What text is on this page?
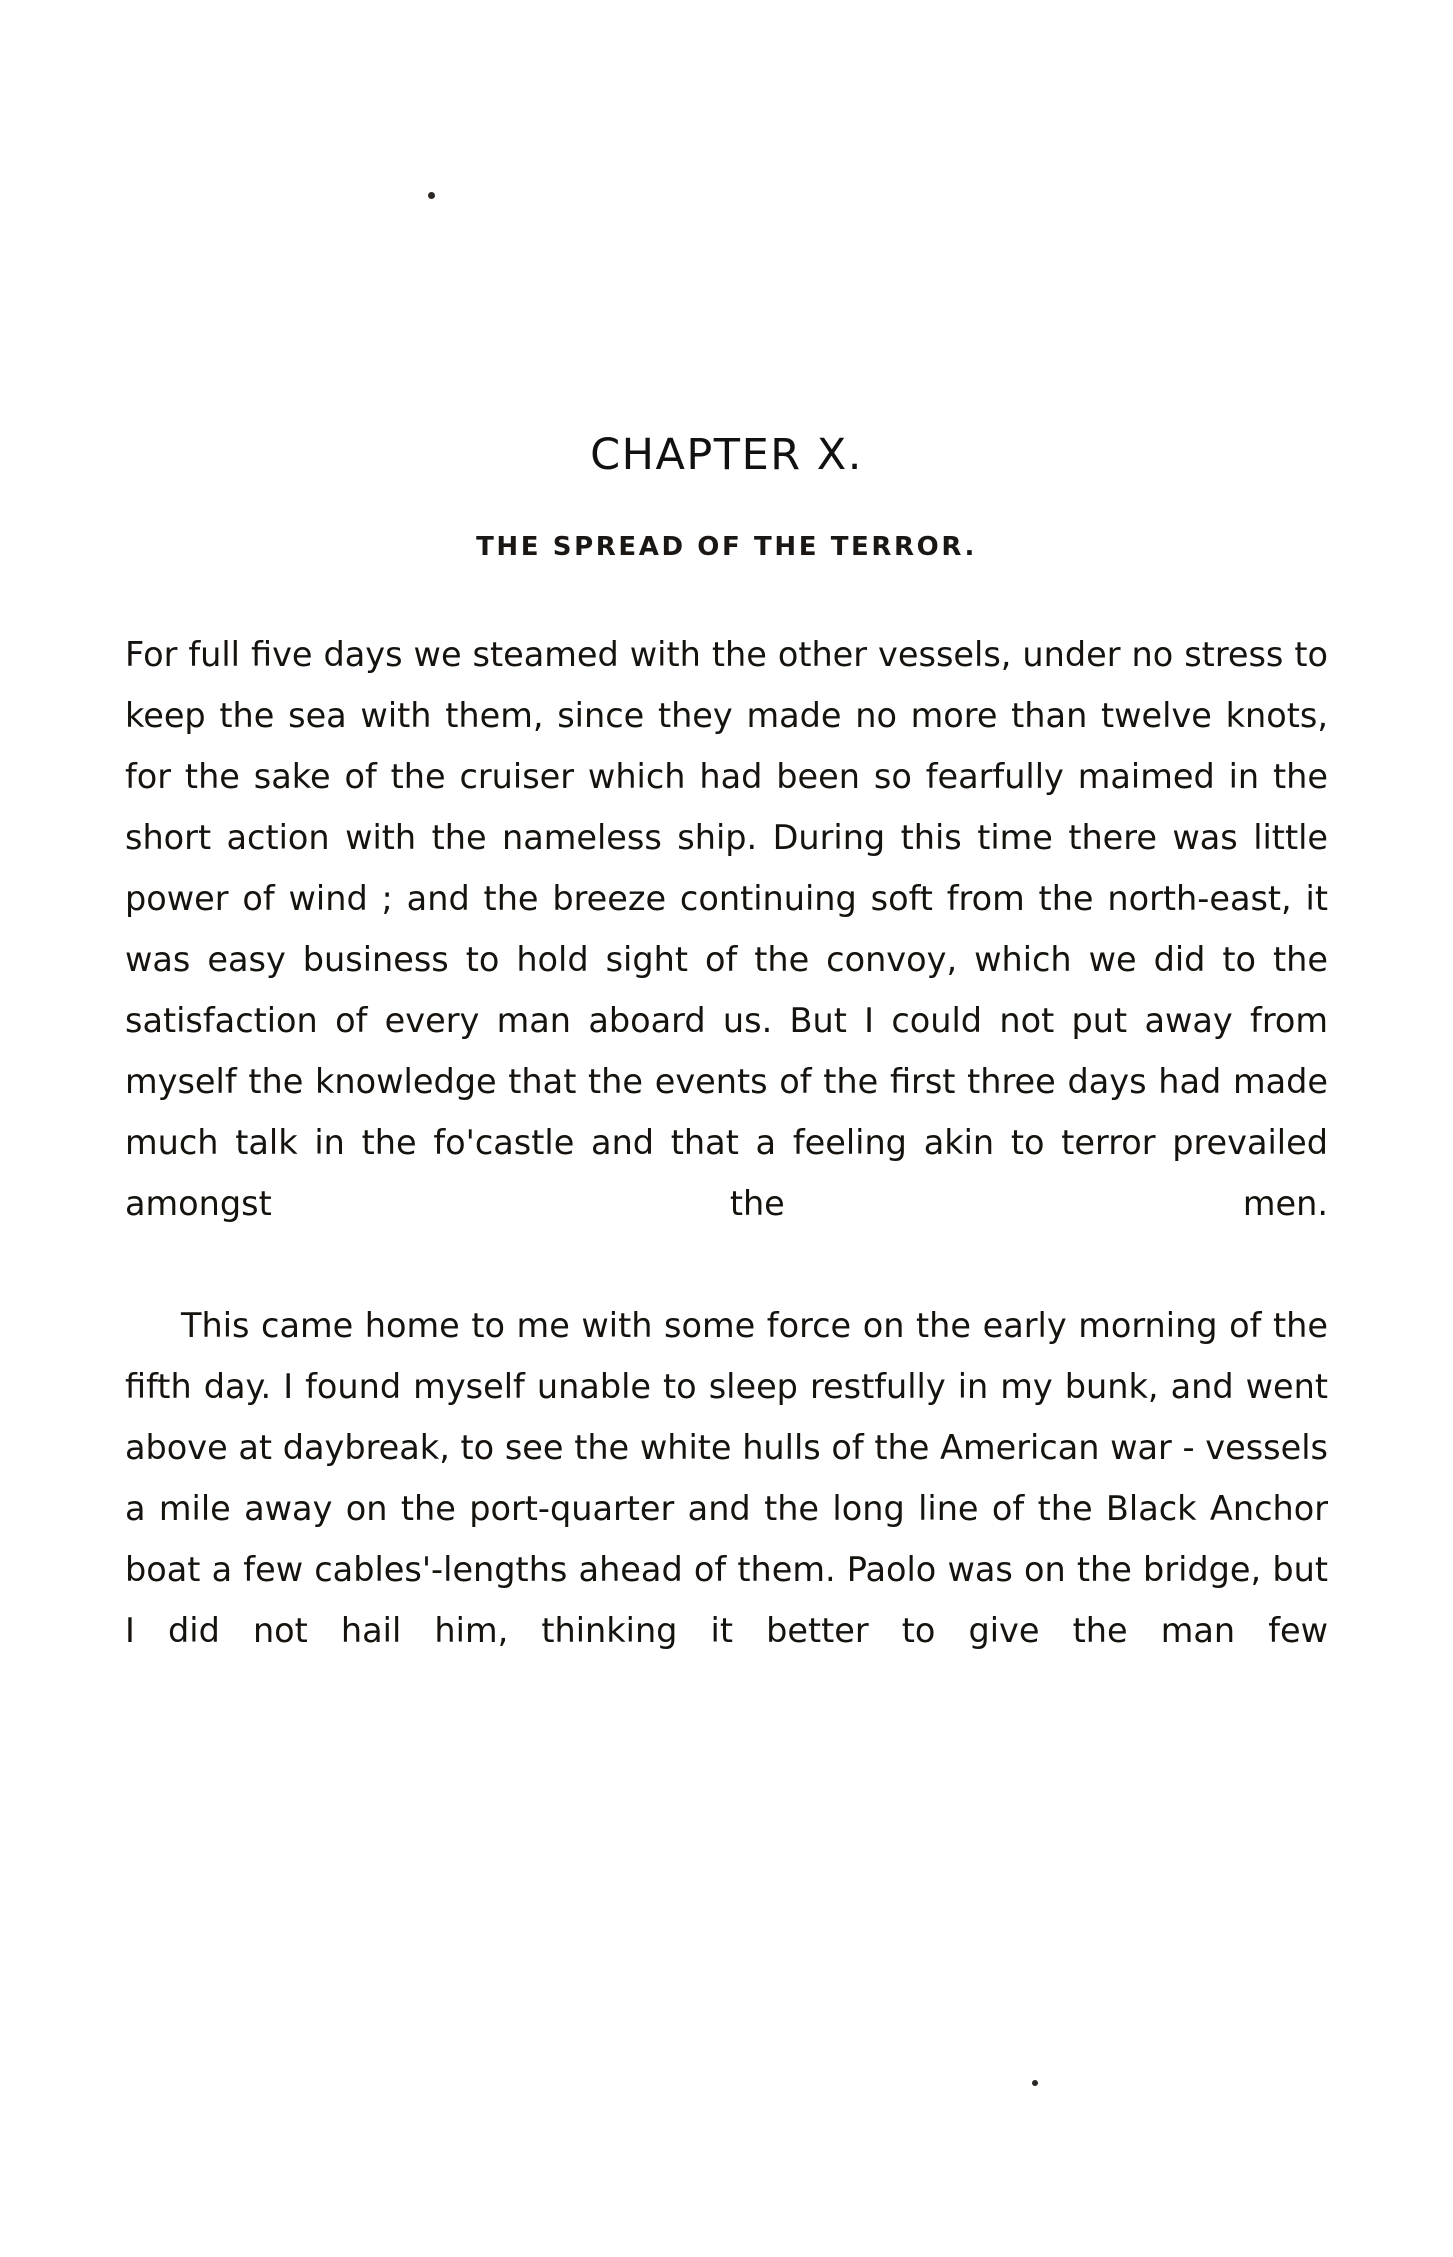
CHAPTER X.
THE SPREAD OF THE TERROR.

For full five days we steamed with the other vessels, under no stress to keep the sea with them, since they made no more than twelve knots, for the sake of the cruiser which had been so fearfully maimed in the short action with the nameless ship. During this time there was little power of wind ; and the breeze continuing soft from the north-east, it was easy business to hold sight of the convoy, which we did to the satisfaction of every man aboard us. But I could not put away from myself the knowledge that the events of the first three days had made much talk in the fo'castle and that a feeling akin to terror prevailed amongst the men.

This came home to me with some force on the early morning of the fifth day. I found myself unable to sleep restfully in my bunk, and went above at daybreak, to see the white hulls of the American war - vessels a mile away on the port-quarter and the long line of the Black Anchor boat a few cables'-lengths ahead of them. Paolo was on the bridge, but I did not hail him, thinking it better to give the man few
